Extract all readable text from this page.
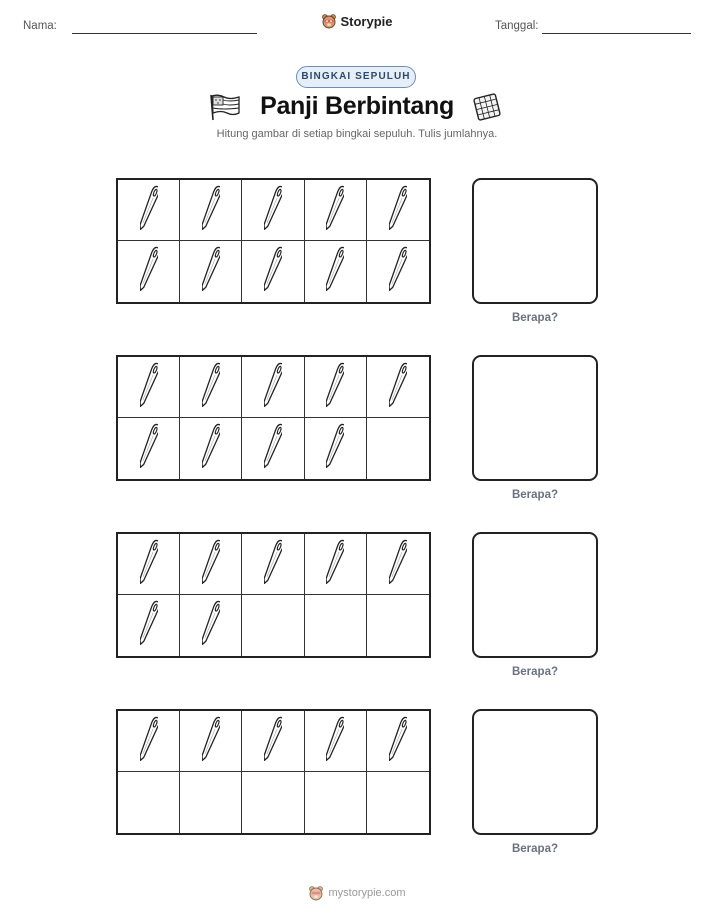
Nama:	Storypie	Tanggal:
BINGKAI SEPULUH
Panji Berbintang
Hitung gambar di setiap bingkai sepuluh. Tulis jumlahnya.
Berapa?
Berapa?
Berapa?
Berapa?
mystorypie.com
